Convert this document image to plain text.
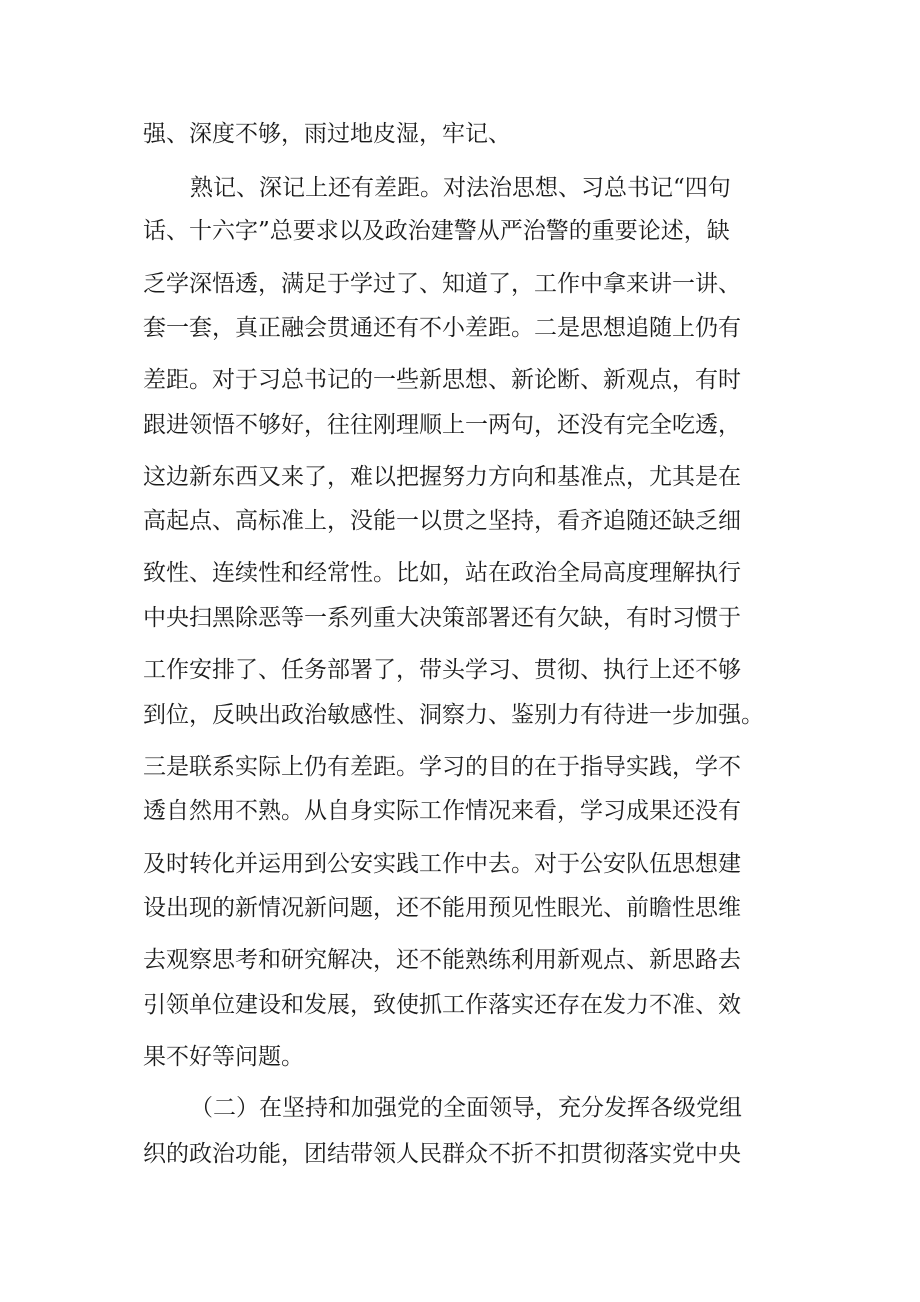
强、深度不够，雨过地皮湿，牢记、
熟记、深记上还有差距。对法治思想、习总书记“四句
话、十六字”总要求以及政治建警从严治警的重要论述，缺
乏学深悟透，满足于学过了、知道了，工作中拿来讲一讲、
套一套，真正融会贯通还有不小差距。二是思想追随上仍有
差距。对于习总书记的一些新思想、新论断、新观点，有时
跟进领悟不够好，往往刚理顺上一两句，还没有完全吃透，
这边新东西又来了，难以把握努力方向和基准点，尤其是在
高起点、高标准上，没能一以贯之坚持，看齐追随还缺乏细
致性、连续性和经常性。比如，站在政治全局高度理解执行
中央扫黑除恶等一系列重大决策部署还有欠缺，有时习惯于
工作安排了、任务部署了，带头学习、贯彻、执行上还不够
到位，反映出政治敏感性、洞察力、鉴别力有待进一步加强。
三是联系实际上仍有差距。学习的目的在于指导实践，学不
透自然用不熟。从自身实际工作情况来看，学习成果还没有
及时转化并运用到公安实践工作中去。对于公安队伍思想建
设出现的新情况新问题，还不能用预见性眼光、前瞻性思维
去观察思考和研究解决，还不能熟练利用新观点、新思路去
引领单位建设和发展，致使抓工作落实还存在发力不准、效
果不好等问题。
（二）在坚持和加强党的全面领导，充分发挥各级党组
织的政治功能，团结带领人民群众不折不扣贯彻落实党中央
